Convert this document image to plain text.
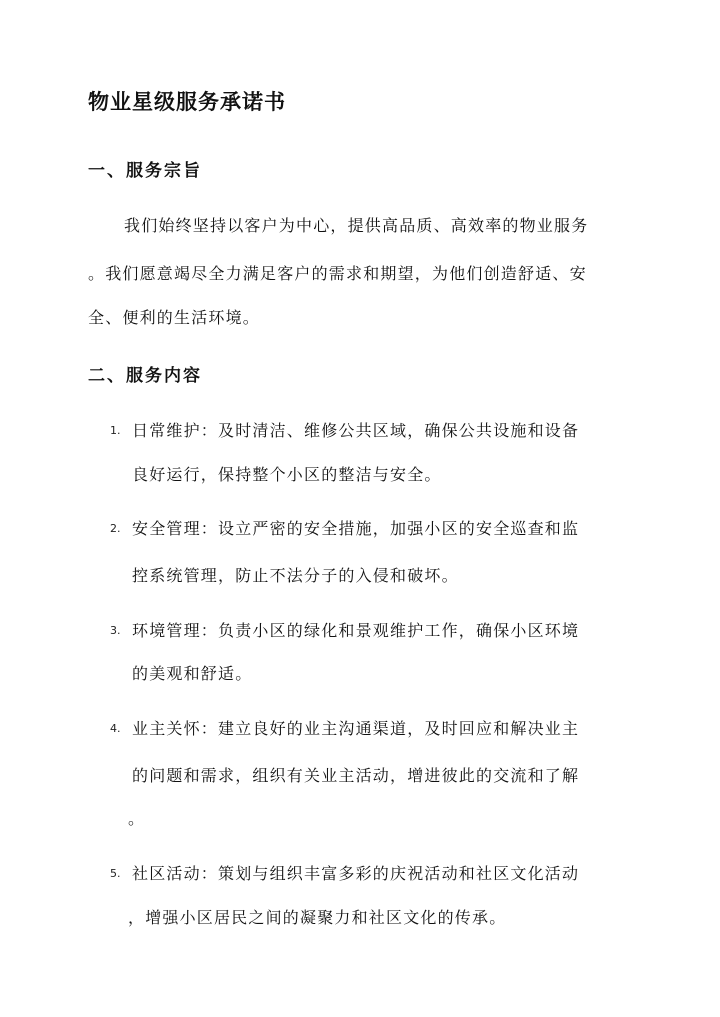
物业星级服务承诺书
一、服务宗旨

我们始终坚持以客户为中心，提供高品质、高效率的物业服务

。我们愿意竭尽全力满足客户的需求和期望，为他们创造舒适、安

全、便利的生活环境。

二、服务内容
1. 日常维护：及时清洁、维修公共区域，确保公共设施和设备

良好运行，保持整个小区的整洁与安全。

2. 安全管理：设立严密的安全措施，加强小区的安全巡查和监

控系统管理，防止不法分子的入侵和破坏。

3. 环境管理：负责小区的绿化和景观维护工作，确保小区环境

的美观和舒适。

4. 业主关怀：建立良好的业主沟通渠道，及时回应和解决业主

的问题和需求，组织有关业主活动，增进彼此的交流和了解

。

5. 社区活动：策划与组织丰富多彩的庆祝活动和社区文化活动

，增强小区居民之间的凝聚力和社区文化的传承。
